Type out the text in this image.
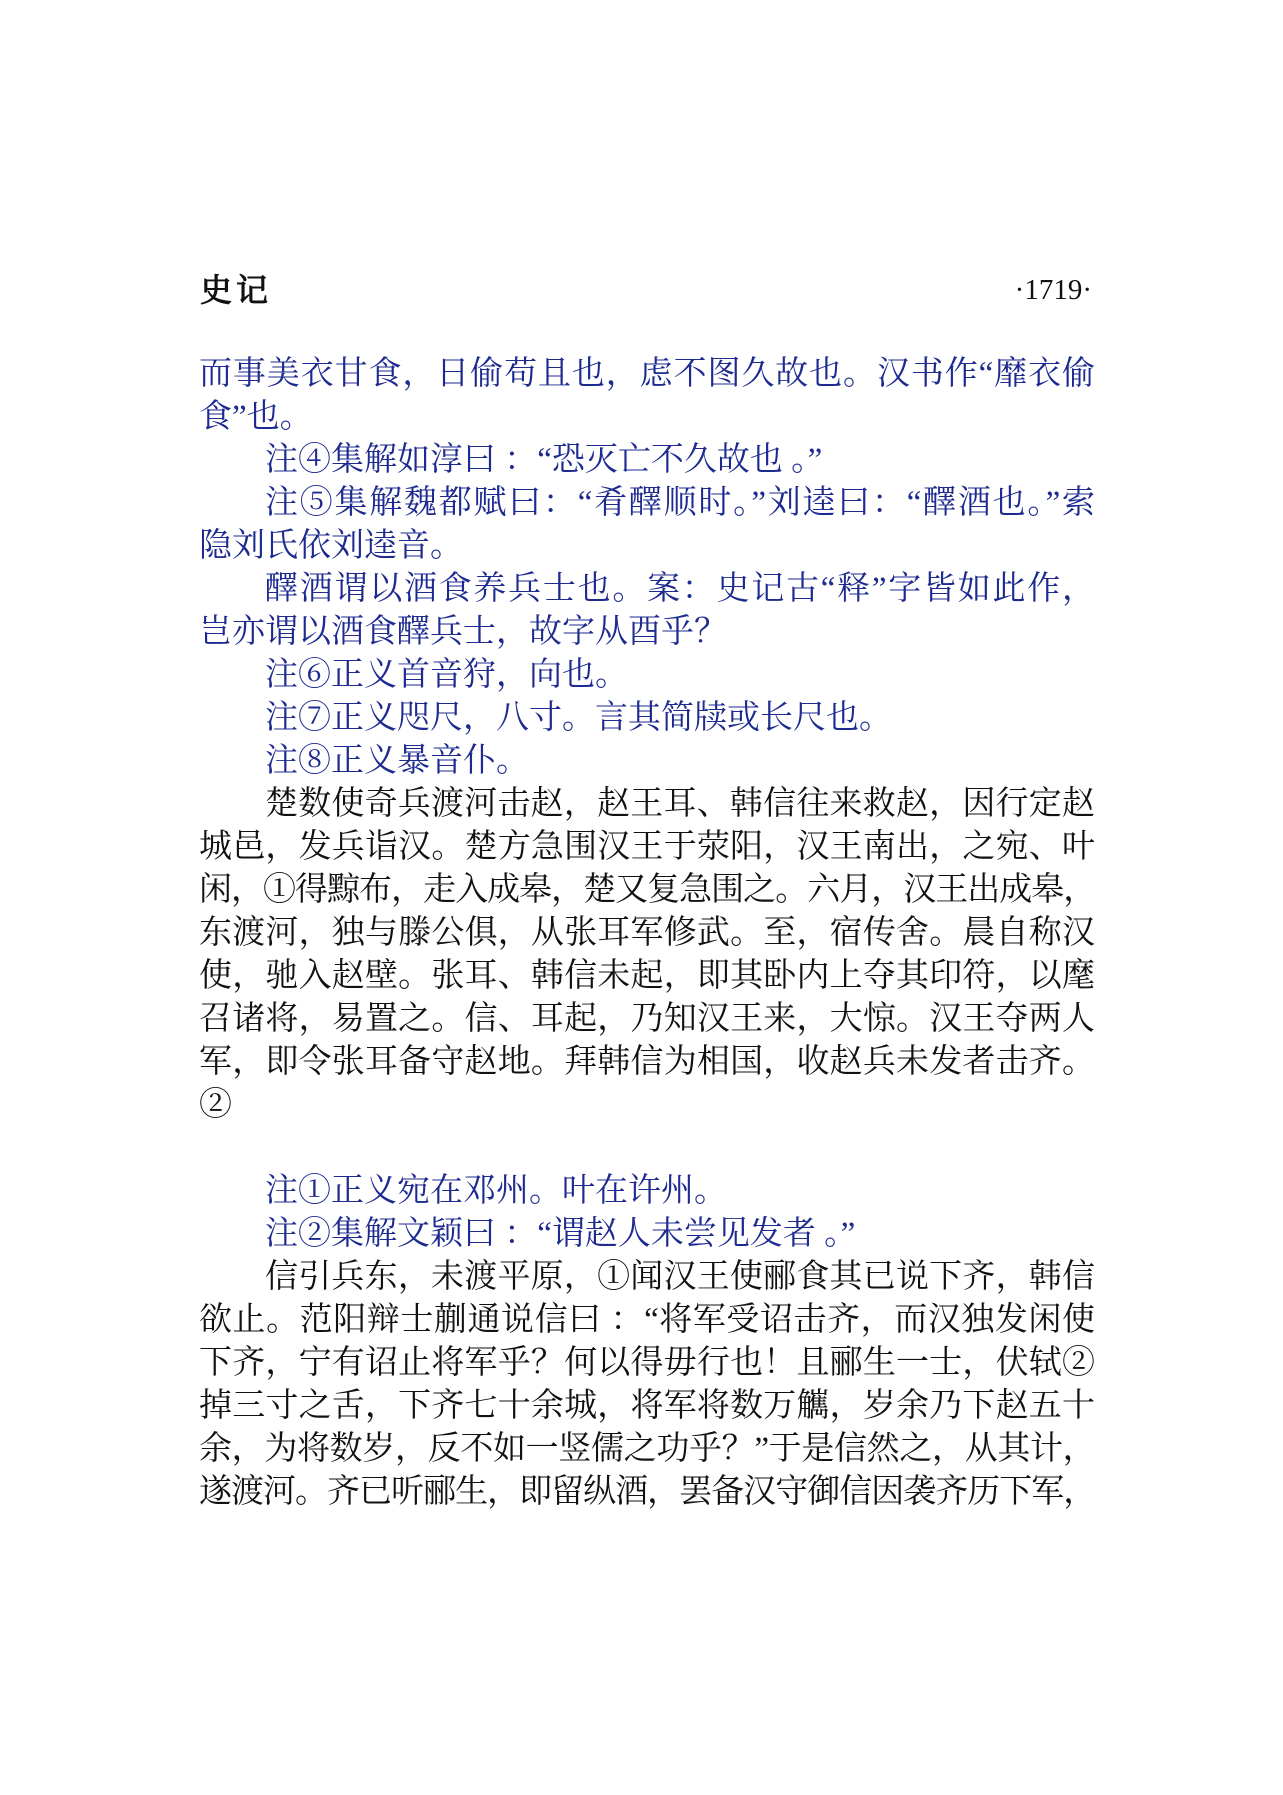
史记	·1719·
而事美衣甘食，日偷苟且也，虑不图久故也。汉书作“靡衣偷
食”也。
注④集解如淳曰 ：“恐灭亡不久故也 。”
注⑤集解魏都赋曰：“肴醳顺时。”刘逵曰：“醳酒也。”索
隐刘氏依刘逵音。
醳酒谓以酒食养兵士也。案：史记古“释”字皆如此作，
岂亦谓以酒食醳兵士，故字从酉乎？
注⑥正义首音狩，向也。
注⑦正义咫尺，八寸。言其简牍或长尺也。
注⑧正义暴音仆。
楚数使奇兵渡河击赵，赵王耳、韩信往来救赵，因行定赵
城邑，发兵诣汉。楚方急围汉王于荥阳，汉王南出，之宛、叶
闲，①得黥布，走入成皋，楚又复急围之。六月，汉王出成皋，
东渡河，独与滕公俱，从张耳军修武。至，宿传舍。晨自称汉
使，驰入赵壁。张耳、韩信未起，即其卧内上夺其印符，以麾
召诸将，易置之。信、耳起，乃知汉王来，大惊。汉王夺两人
军，即令张耳备守赵地。拜韩信为相国，收赵兵未发者击齐。
②
注①正义宛在邓州。叶在许州。
注②集解文颖曰 ：“谓赵人未尝见发者 。”
信引兵东，未渡平原，①闻汉王使郦食其已说下齐，韩信
欲止。范阳辩士蒯通说信曰 ：“将军受诏击齐，而汉独发闲使
下齐，宁有诏止将军乎？何以得毋行也！且郦生一士，伏轼②
掉三寸之舌，下齐七十余城，将军将数万觽，岁余乃下赵五十
余，为将数岁，反不如一竖儒之功乎？”于是信然之，从其计，
遂渡河。齐已听郦生，即留纵酒，罢备汉守御信因袭齐历下军，
